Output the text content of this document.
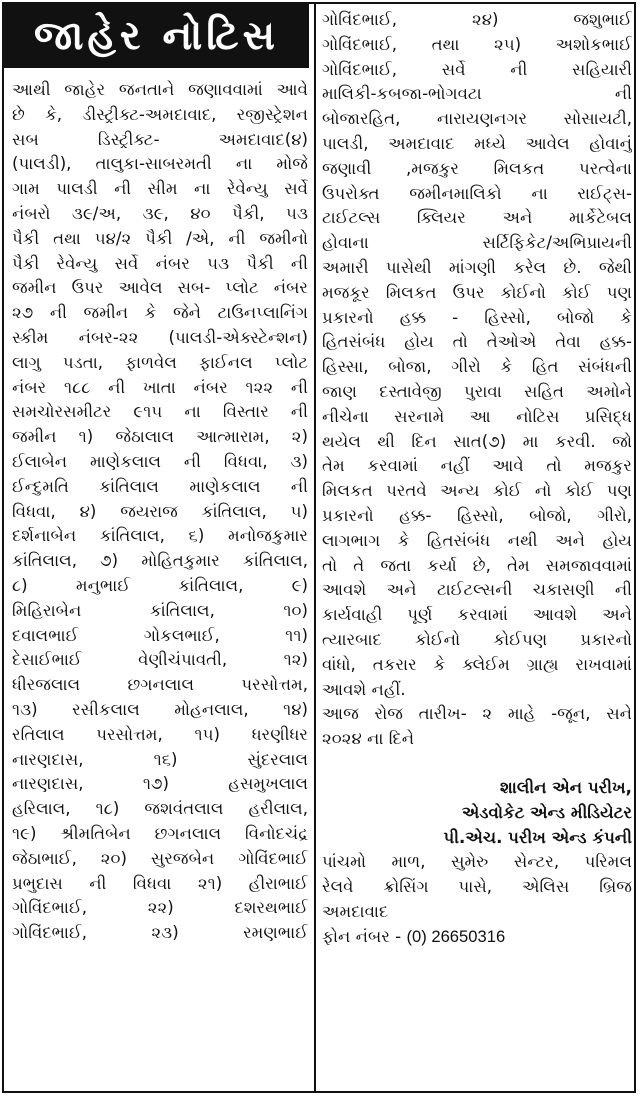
જાહેર નોટિસ
આથી જાહેર જનતાને જણાવવામાં આવે
છે કે, ડીસ્ટ્રીક્ટ-અમદાવાદ, રજીસ્ટ્રેશન
સબ ડિસ્ટ્રીક્ટ- અમદાવાદ(૪)
(પાલડી), તાલુકા-સાબરમતી ના મોજે
ગામ પાલડી ની સીમ ના રેવેન્યુ સર્વે
નંબરો ૩૯/અ, ૩૯, ૪૦ પૈકી, ૫૩
પૈકી તથા ૫૪/૨ પૈકી /એ, ની જમીનો
પૈકી રેવેન્યુ સર્વે નંબર ૫૩ પૈકી ની
જમીન ઉપર આવેલ સબ- પ્લોટ નંબર
૨૭ ની જમીન કે જેને ટાઉનપ્લાનિંગ
સ્કીમ નંબર-૨૨ (પાલડી-એક્સ્ટેન્શન)
લાગુ પડતા, ફાળવેલ ફાઈનલ પ્લોટ
નંબર ૧૮૮ ની ખાતા નંબર ૧૨૨ ની
સમચોરસમીટર ૯૧૫ ના વિસ્તાર ની
જમીન ૧) જેઠાલાલ આત્મારામ, ૨)
ઈલાબેન માણેકલાલ ની વિધવા, ૩)
ઈન્દુમતિ કાંતિલાલ માણેકલાલ ની
વિધવા, ૪) જયરાજ કાંતિલાલ, ૫)
દર્શનાબેન કાંતિલાલ, ૬) મનોજકુમાર
કાંતિલાલ, ૭) મોહિતકુમાર કાંતિલાલ,
૮) મનુભાઈ કાંતિલાલ, ૯)
મિહિરાબેન કાંતિલાલ, ૧૦)
દવાલભાઈ ગોકલભાઈ, ૧૧)
દેસાઈભાઈ વેણીચંપાવતી, ૧૨)
ધીરજલાલ છગનલાલ પરસોત્તમ,
૧૩) રસીકલાલ મોહનલાલ, ૧૪)
રતિલાલ પરસોત્તમ, ૧૫) ધરણીધર
નારણદાસ, ૧૬) સુંદરલાલ
નારણદાસ, ૧૭) હસમુખલાલ
હરિલાલ, ૧૮) જશવંતલાલ હરીલાલ,
૧૯) શ્રીમતિબેન છગનલાલ વિનોદચંદ્ર
જેઠાભાઈ, ૨૦) સુરજબેન ગોવિંદભાઈ
પ્રભુદાસ ની વિધવા ૨૧) હીરાભાઈ
ગોવિંદભાઈ, ૨૨) દશરથભાઈ
ગોવિંદભાઈ, ૨૩) રમણભાઈ
ગોવિંદભાઈ, ૨૪) જશુભાઈ
ગોવિંદભાઈ, તથા ૨૫) અશોકભાઈ
ગોવિંદભાઈ, સર્વે ની સહિયારી
માલિકી-કબજા-ભોગવટા ની
બોજારહિત, નારાયણનગર સોસાયટી,
પાલડી, અમદાવાદ મધ્યે આવેલ હોવાનું
જણાવી ,મજકુર મિલકત પરત્વેના
ઉપરોક્ત જમીનમાલિકો ના રાઈટ્સ-
ટાઈટલ્સ ક્લિયર અને માર્કેટેબલ
હોવાના સર્ટિફિકેટ/અભિપ્રાયની
અમારી પાસેથી માંગણી કરેલ છે. જેથી
મજકૂર મિલકત ઉપર કોઈનો કોઈ પણ
પ્રકારનો હક્ક - હિસ્સો, બોજો કે
હિતસંબંધ હોય તો તેઓએ તેવા હક્ક-
હિસ્સા, બોજા, ગીરો કે હિત સંબંધની
જાણ દસ્તાવેજી પુરાવા સહિત અમોને
નીચેના સરનામે આ નોટિસ પ્રસિદ્ધ
થયેલ થી દિન સાત(૭) મા કરવી. જો
તેમ કરવામાં નહીં આવે તો મજકુર
મિલકત પરતવે અન્ય કોઈ નો કોઈ પણ
પ્રકારનો હક્ક- હિસ્સો, બોજો, ગીરો,
લાગભાગ કે હિતસંબંધ નથી અને હોય
તો તે જતા કર્યા છે, તેમ સમજાવવામાં
આવશે અને ટાઈટલ્સની ચકાસણી ની
કાર્યવાહી પૂર્ણ કરવામાં આવશે અને
ત્યારબાદ કોઈનો કોઈપણ પ્રકારનો
વાંધો, તકરાર કે ક્લેઈમ ગ્રાહ્ય રાખવામાં
આવશે નહીં.
આજ રોજ તારીખ- ૨ માહે -જૂન, સને
૨૦૨૪ ના દિને
શાલીન એન પરીખ,
એડવોકેટ એન્ડ મીડિયેટર
પી.એચ. પરીખ એન્ડ કંપની
પાંચમો માળ, સુમેરુ સેન્ટર, પરિમલ
રેલવે ક્રોસિંગ પાસે, એલિસ બ્રિજ
અમદાવાદ
ફોન નંબર - (0) 26650316
